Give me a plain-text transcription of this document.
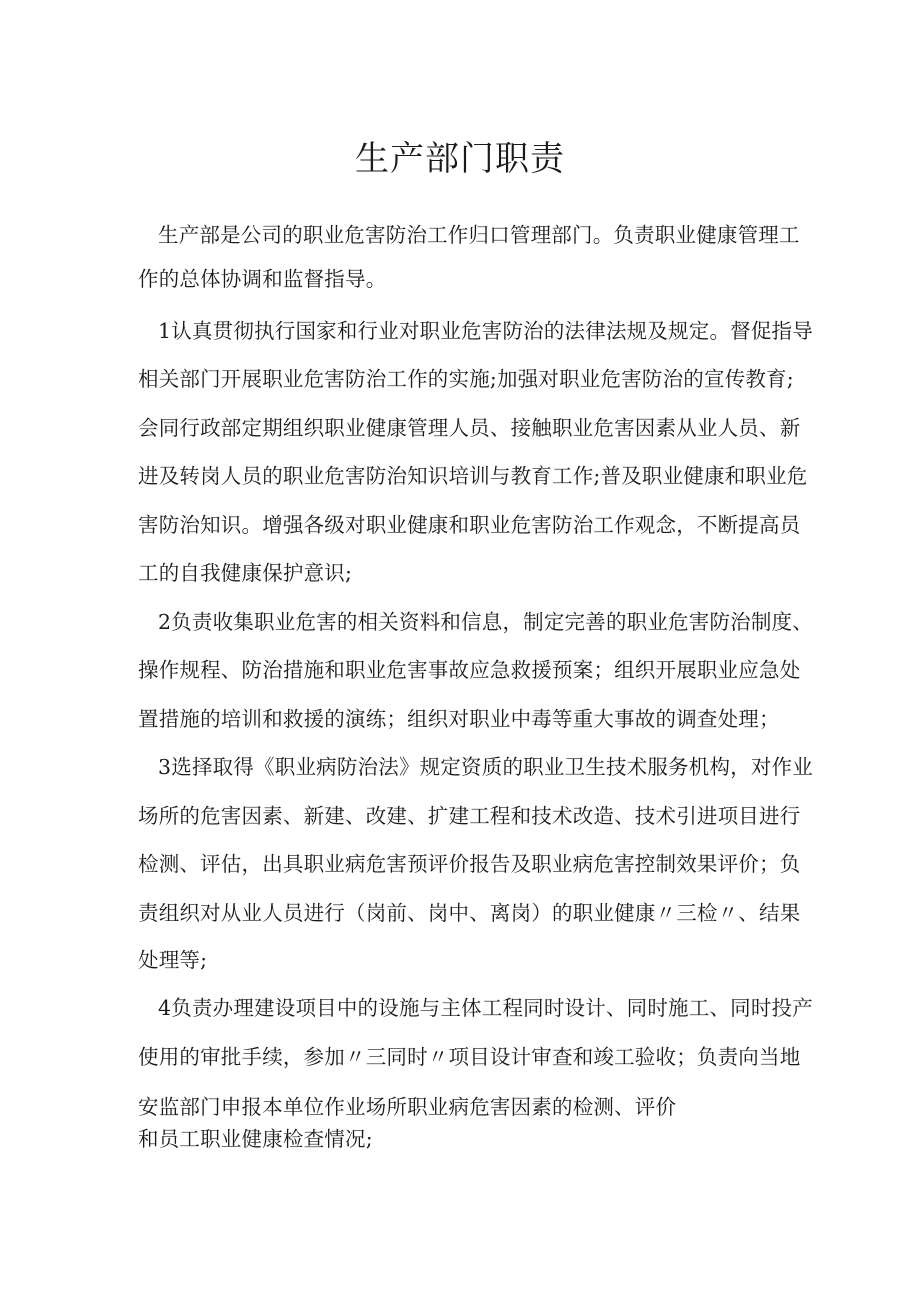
生产部门职责
生产部是公司的职业危害防治工作归口管理部门。负责职业健康管理工
作的总体协调和监督指导。
1认真贯彻执行国家和行业对职业危害防治的法律法规及规定。督促指导
相关部门开展职业危害防治工作的实施;加强对职业危害防治的宣传教育;
会同行政部定期组织职业健康管理人员、接触职业危害因素从业人员、新
进及转岗人员的职业危害防治知识培训与教育工作;普及职业健康和职业危
害防治知识。增强各级对职业健康和职业危害防治工作观念，不断提高员
工的自我健康保护意识;
2负责收集职业危害的相关资料和信息，制定完善的职业危害防治制度、
操作规程、防治措施和职业危害事故应急救援预案；组织开展职业应急处
置措施的培训和救援的演练；组织对职业中毒等重大事故的调查处理；
3选择取得《职业病防治法》规定资质的职业卫生技术服务机构，对作业
场所的危害因素、新建、改建、扩建工程和技术改造、技术引进项目进行
检测、评估，出具职业病危害预评价报告及职业病危害控制效果评价；负
责组织对从业人员进行（岗前、岗中、离岗）的职业健康〃三检〃、结果
处理等;
4负责办理建设项目中的设施与主体工程同时设计、同时施工、同时投产
使用的审批手续，参加〃三同时〃项目设计审查和竣工验收；负责向当地
安监部门申报本单位作业场所职业病危害因素的检测、评价
和员工职业健康检查情况;
